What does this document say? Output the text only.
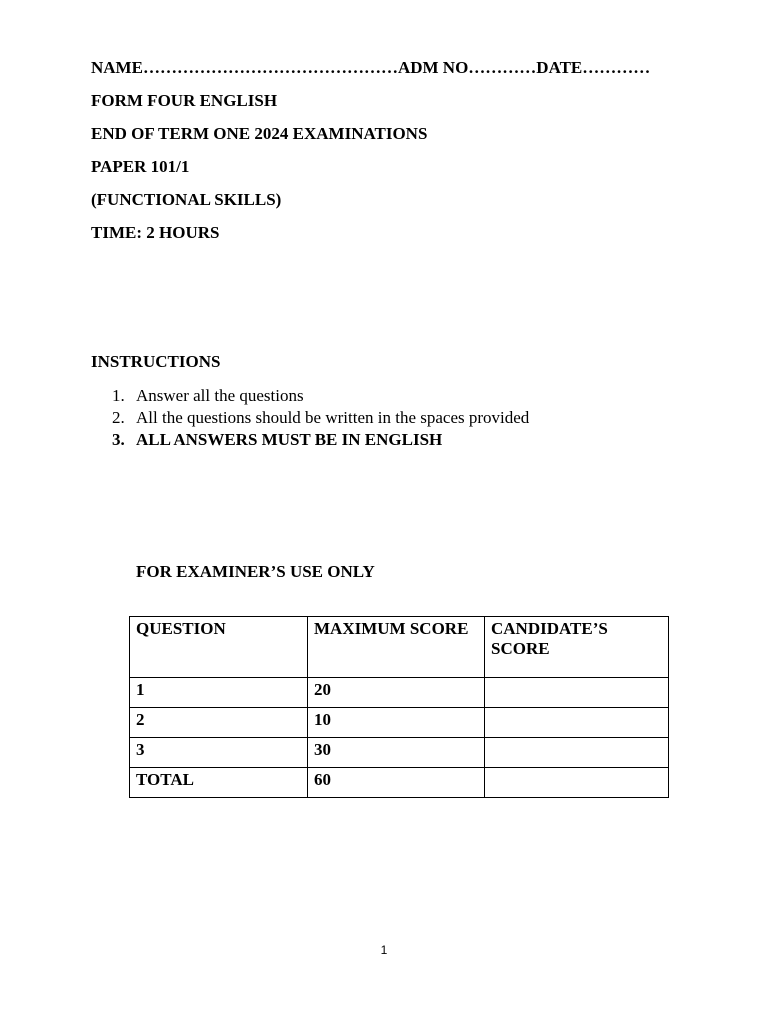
NAME………………………………………ADM NO…………DATE…………
FORM FOUR ENGLISH
END OF TERM ONE 2024 EXAMINATIONS
PAPER 101/1
(FUNCTIONAL SKILLS)
TIME: 2 HOURS
INSTRUCTIONS
1. Answer all the questions
2. All the questions should be written in the spaces provided
3. ALL ANSWERS MUST BE IN ENGLISH
FOR EXAMINER’S USE ONLY
QUESTION	MAXIMUM SCORE	CANDIDATE’S SCORE
1	20	
2	10	
3	30	
TOTAL	60	
1
